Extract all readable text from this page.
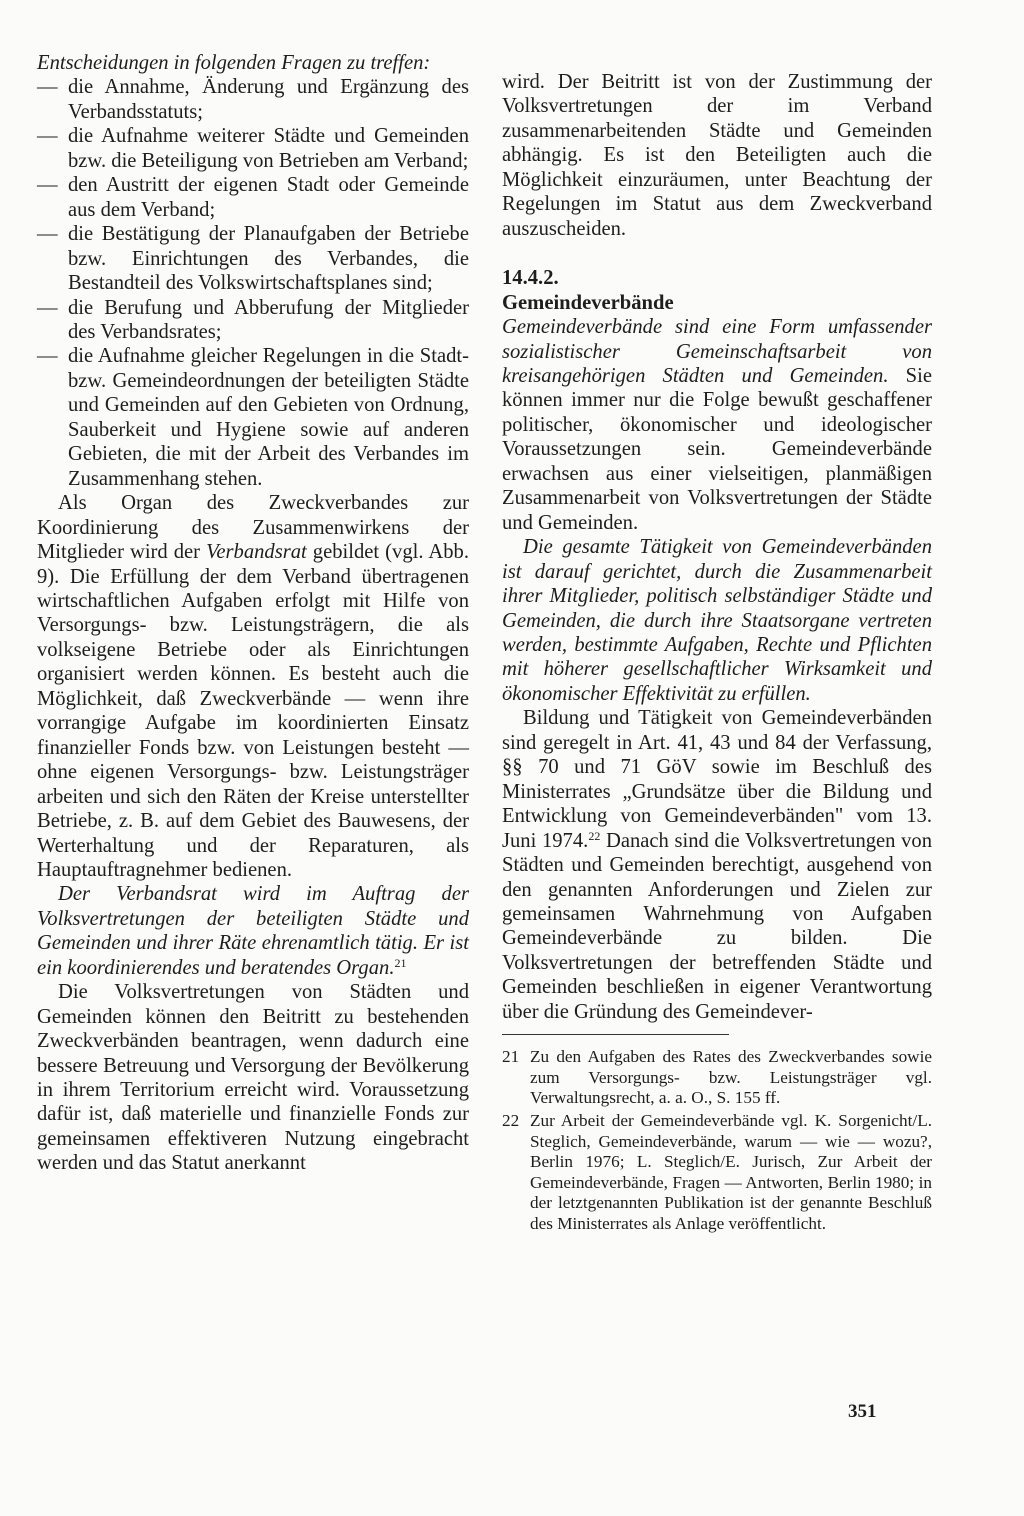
Entscheidungen in folgenden Fragen zu treffen:

— die Annahme, Änderung und Ergänzung des Verbandsstatuts;
— die Aufnahme weiterer Städte und Gemeinden bzw. die Beteiligung von Betrieben am Verband;
— den Austritt der eigenen Stadt oder Gemeinde aus dem Verband;
— die Bestätigung der Planaufgaben der Betriebe bzw. Einrichtungen des Verbandes, die Bestandteil des Volkswirtschaftsplanes sind;
— die Berufung und Abberufung der Mitglieder des Verbandsrates;
— die Aufnahme gleicher Regelungen in die Stadt- bzw. Gemeindeordnungen der beteiligten Städte und Gemeinden auf den Gebieten von Ordnung, Sauberkeit und Hygiene sowie auf anderen Gebieten, die mit der Arbeit des Verbandes im Zusammenhang stehen.

Als Organ des Zweckverbandes zur Koordinierung des Zusammenwirkens der Mitglieder wird der Verbandsrat gebildet (vgl. Abb. 9). Die Erfüllung der dem Verband übertragenen wirtschaftlichen Aufgaben erfolgt mit Hilfe von Versorgungs- bzw. Leistungsträgern, die als volkseigene Betriebe oder als Einrichtungen organisiert werden können. Es besteht auch die Möglichkeit, daß Zweckverbände — wenn ihre vorrangige Aufgabe im koordinierten Einsatz finanzieller Fonds bzw. von Leistungen besteht — ohne eigenen Versorgungs- bzw. Leistungsträger arbeiten und sich den Räten der Kreise unterstellter Betriebe, z. B. auf dem Gebiet des Bauwesens, der Werterhaltung und der Reparaturen, als Hauptauftragnehmer bedienen.

Der Verbandsrat wird im Auftrag der Volksvertretungen der beteiligten Städte und Gemeinden und ihrer Räte ehrenamtlich tätig. Er ist ein koordinierendes und beratendes Organ.$^{21}$

Die Volksvertretungen von Städten und Gemeinden können den Beitritt zu bestehenden Zweckverbänden beantragen, wenn dadurch eine bessere Betreuung und Versorgung der Bevölkerung in ihrem Territorium erreicht wird. Voraussetzung dafür ist, daß materielle und finanzielle Fonds zur gemeinsamen effektiveren Nutzung eingebracht werden und das Statut anerkannt

wird. Der Beitritt ist von der Zustimmung der Volksvertretungen der im Verband zusammenarbeitenden Städte und Gemeinden abhängig. Es ist den Beteiligten auch die Möglichkeit einzuräumen, unter Beachtung der Regelungen im Statut aus dem Zweckverband auszuscheiden.

14.4.2.
Gemeindeverbände

Gemeindeverbände sind eine Form umfassender sozialistischer Gemeinschaftsarbeit von kreisangehörigen Städten und Gemeinden. Sie können immer nur die Folge bewußt geschaffener politischer, ökonomischer und ideologischer Voraussetzungen sein. Gemeindeverbände erwachsen aus einer vielseitigen, planmäßigen Zusammenarbeit von Volksvertretungen der Städte und Gemeinden.

Die gesamte Tätigkeit von Gemeindeverbänden ist darauf gerichtet, durch die Zusammenarbeit ihrer Mitglieder, politisch selbständiger Städte und Gemeinden, die durch ihre Staatsorgane vertreten werden, bestimmte Aufgaben, Rechte und Pflichten mit höherer gesellschaftlicher Wirksamkeit und ökonomischer Effektivität zu erfüllen.

Bildung und Tätigkeit von Gemeindeverbänden sind geregelt in Art. 41, 43 und 84 der Verfassung, §§ 70 und 71 GöV sowie im Beschluß des Ministerrates „Grundsätze über die Bildung und Entwicklung von Gemeindeverbänden" vom 13. Juni 1974.22 Danach sind die Volksvertretungen von Städten und Gemeinden berechtigt, ausgehend von den genannten Anforderungen und Zielen zur gemeinsamen Wahrnehmung von Aufgaben Gemeindeverbände zu bilden. Die Volksvertretungen der betreffenden Städte und Gemeinden beschließen in eigener Verantwortung über die Gründung des Gemeindever-

21 Zu den Aufgaben des Rates des Zweckverbandes sowie zum Versorgungs- bzw. Leistungsträger vgl. Verwaltungsrecht, a. a. O., S. 155 ff.
22 Zur Arbeit der Gemeindeverbände vgl. K. Sorgenicht/L. Steglich, Gemeindeverbände, warum — wie — wozu?, Berlin 1976; L. Steglich/E. Jurisch, Zur Arbeit der Gemeindeverbände, Fragen — Antworten, Berlin 1980; in der letztgenannten Publikation ist der genannte Beschluß des Ministerrates als Anlage veröffentlicht.
351
